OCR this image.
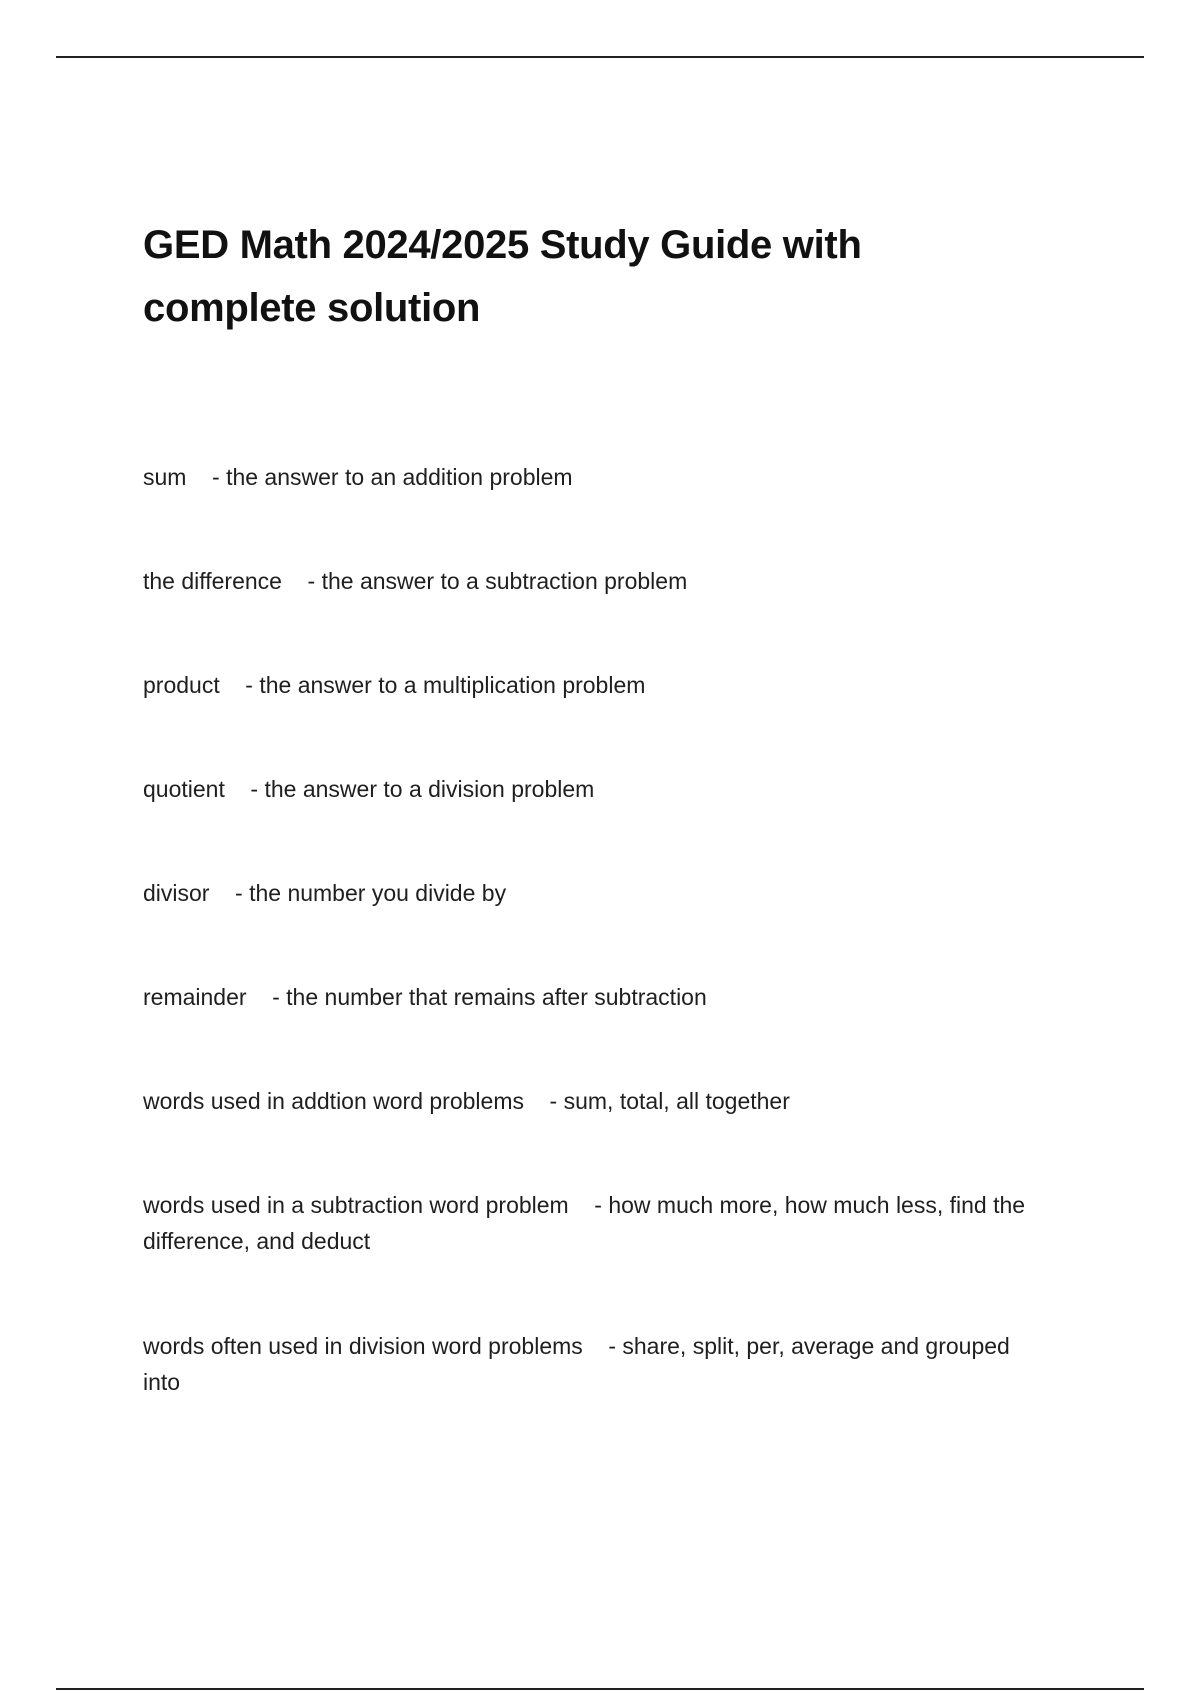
GED Math 2024/2025 Study Guide with complete solution
sum - the answer to an addition problem
the difference - the answer to a subtraction problem
product - the answer to a multiplication problem
quotient - the answer to a division problem
divisor - the number you divide by
remainder - the number that remains after subtraction
words used in addtion word problems - sum, total, all together
words used in a subtraction word problem - how much more, how much less, find the difference, and deduct
words often used in division word problems - share, split, per, average and grouped into
